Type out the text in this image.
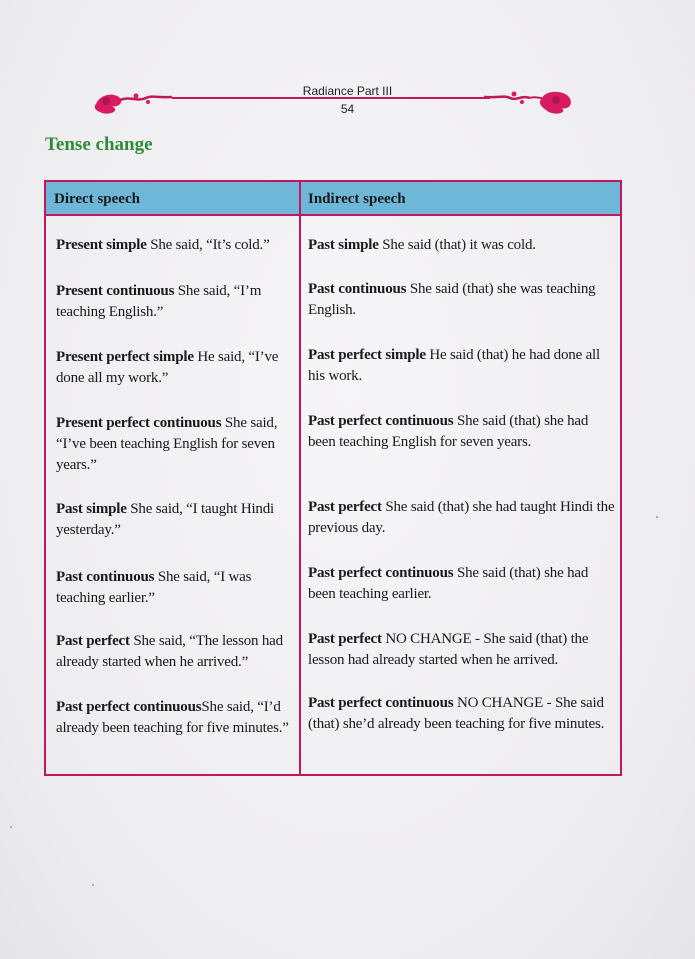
Radiance Part III
54
Tense change
Direct speech	Indirect speech
Present simple She said, “It’s cold.”	Past simple She said (that) it was cold.
Present continuous She said, “I’m teaching English.”
Past continuous She said (that) she was teaching English.
Present perfect simple He said, “I’ve done all my work.”
Past perfect simple He said (that) he had done all his work.
Present perfect continuous She said, “I’ve been teaching English for seven years.”
Past perfect continuous She said (that) she had been teaching English for seven years.
Past simple She said, “I taught Hindi yesterday.”
Past perfect She said (that) she had taught Hindi the previous day.
Past continuous She said, “I was teaching earlier.”
Past perfect continuous She said (that) she had been teaching earlier.
Past perfect She said, “The lesson had already started when he arrived.”
Past perfect NO CHANGE - She said (that) the lesson had already started when he arrived.
Past perfect continuousShe said, “I’d already been teaching for five minutes.”
Past perfect continuous NO CHANGE - She said (that) she’d already been teaching for five minutes.
